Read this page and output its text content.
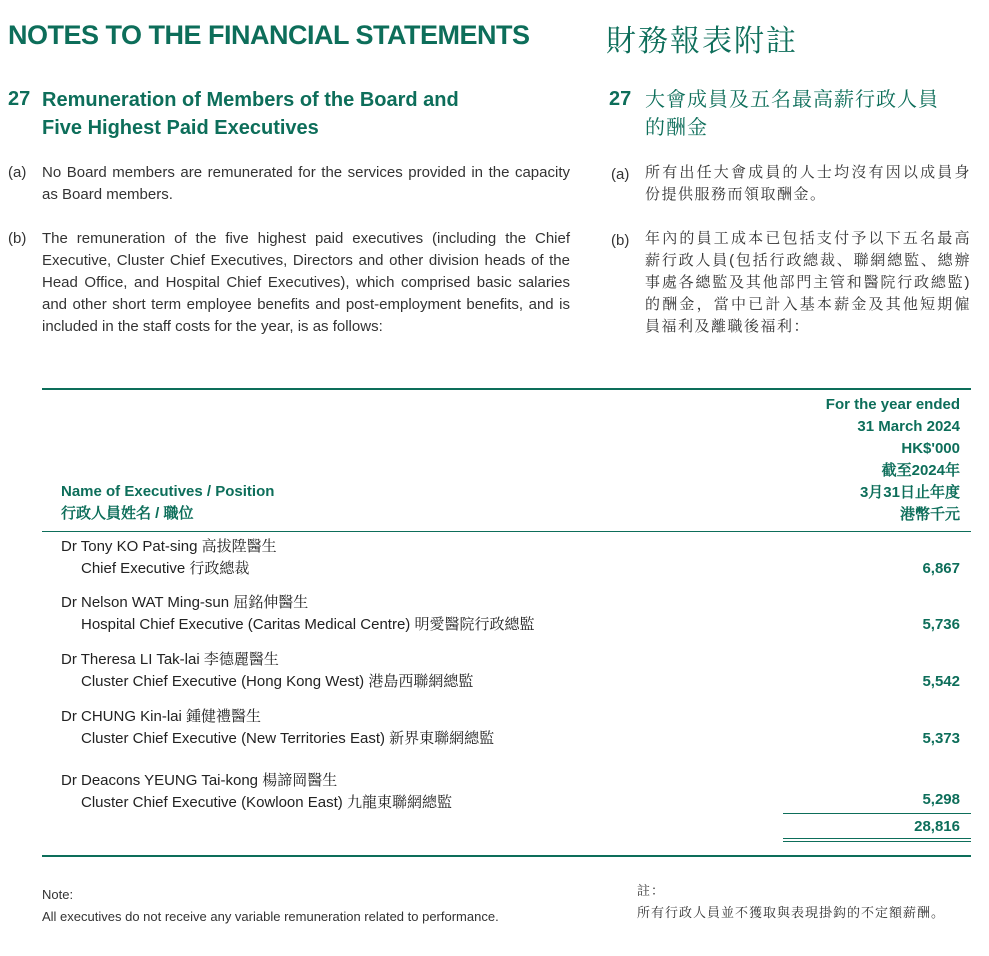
NOTES TO THE FINANCIAL STATEMENTS	財務報表附註
27 Remuneration of Members of the Board and
Five Highest Paid Executives
27 大會成員及五名最高薪行政人員
的酬金
(a) No Board members are remunerated for the services provided in the capacity as Board members.
(a) 所有出任大會成員的人士均沒有因以成員身份提供服務而領取酬金。
(b) The remuneration of the five highest paid executives (including the Chief Executive, Cluster Chief Executives, Directors and other division heads of the Head Office, and Hospital Chief Executives), which comprised basic salaries and other short term employee benefits and post-employment benefits, and is included in the staff costs for the year, is as follows:
(b) 年內的員工成本已包括支付予以下五名最高薪行政人員(包括行政總裁、聯網總監、總辦事處各總監及其他部門主管和醫院行政總監)的酬金，當中已計入基本薪金及其他短期僱員福利及離職後福利：
Name of Executives / Position
行政人員姓名 / 職位
For the year ended
31 March 2024
HK$'000
截至2024年
3月31日止年度
港幣千元
Dr Tony KO Pat-sing 高拔陞醫生
Chief Executive 行政總裁	6,867
Dr Nelson WAT Ming-sun 屈銘伸醫生
Hospital Chief Executive (Caritas Medical Centre) 明愛醫院行政總監	5,736
Dr Theresa LI Tak-lai 李德麗醫生
Cluster Chief Executive (Hong Kong West) 港島西聯網總監	5,542
Dr CHUNG Kin-lai 鍾健禮醫生
Cluster Chief Executive (New Territories East) 新界東聯網總監	5,373
Dr Deacons YEUNG Tai-kong 楊諦岡醫生
Cluster Chief Executive (Kowloon East) 九龍東聯網總監	5,298
28,816
Note:
All executives do not receive any variable remuneration related to performance.
註：
所有行政人員並不獲取與表現掛鈎的不定額薪酬。
